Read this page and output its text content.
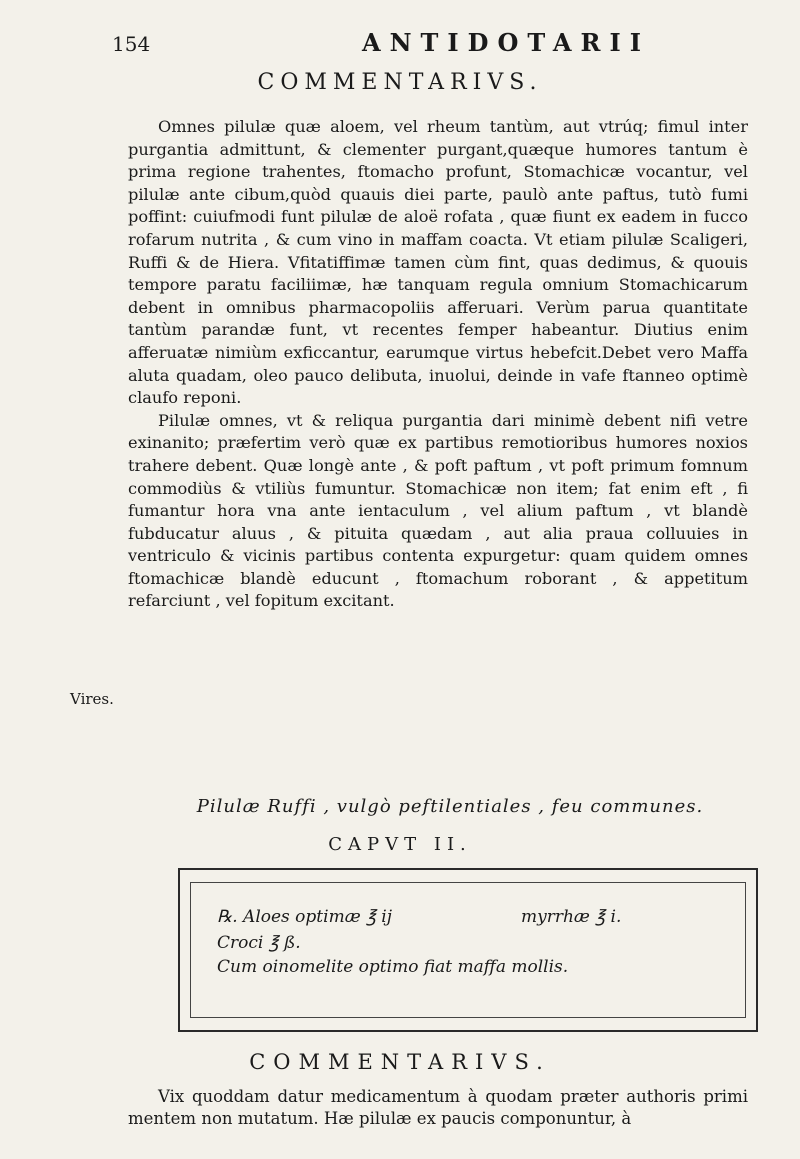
154	ANTIDOTARII
COMMENTARIVS.

Omnes pilulæ quæ aloem, vel rheum tantùm, aut vtrúq; fimul inter purgantia admittunt, & clementer purgant,quæque humores tantum è prima regione trahentes, ftomacho profunt, Stomachicæ vocantur, vel pilulæ ante cibum,quòd quauis diei parte, paulò ante paftus, tutò fumi poffint: cuiufmodi funt pilulæ de aloë rofata , quæ fiunt ex eadem in fucco rofarum nutrita , & cum vino in maffam coacta. Vt etiam pilulæ Scaligeri, Ruffi & de Hiera. Vfitatiffimæ tamen cùm fint, quas dedimus, & quouis tempore paratu faciliimæ, hæ tanquam regula omnium Stomachicarum debent in omnibus pharmacopoliis afferuari. Verùm parua quantitate tantùm parandæ funt, vt recentes femper habeantur. Diutius enim afferuatæ nimiùm exficcantur, earumque virtus hebefcit.Debet vero Maffa aluta quadam, oleo pauco delibuta, inuolui, deinde in vafe ftanneo optimè claufo reponi.

Pilulæ omnes, vt & reliqua purgantia dari minimè debent nifi vetre exinanito; præfertim verò quæ ex partibus remotioribus humores noxios trahere debent. Quæ longè ante , & poft paftum , vt poft primum fomnum commodiùs & vtiliùs fumuntur. Stomachicæ non item; fat enim eft , fi fumantur hora vna ante ientaculum , vel alium paftum , vt blandè fubducatur aluus , & pituita quædam , aut alia praua colluuies in ventriculo & vicinis partibus contenta expurgetur: quam quidem omnes ftomachicæ blandè educunt , ftomachum roborant , & appetitum refarciunt , vel fopitum excitant.

Vires.
Pilulæ Ruffi , vulgò peftilentiales , feu communes.
CAPVT II.
℞. Aloes optimæ ℥ ij	myrrhæ ℥ i.
Croci ℥ ß.
Cum oinomelite optimo fiat maffa mollis.
COMMENTARIVS.

Vix quoddam datur medicamentum à quodam præter authoris primi mentem non mutatum. Hæ pilulæ ex paucis componuntur, à
